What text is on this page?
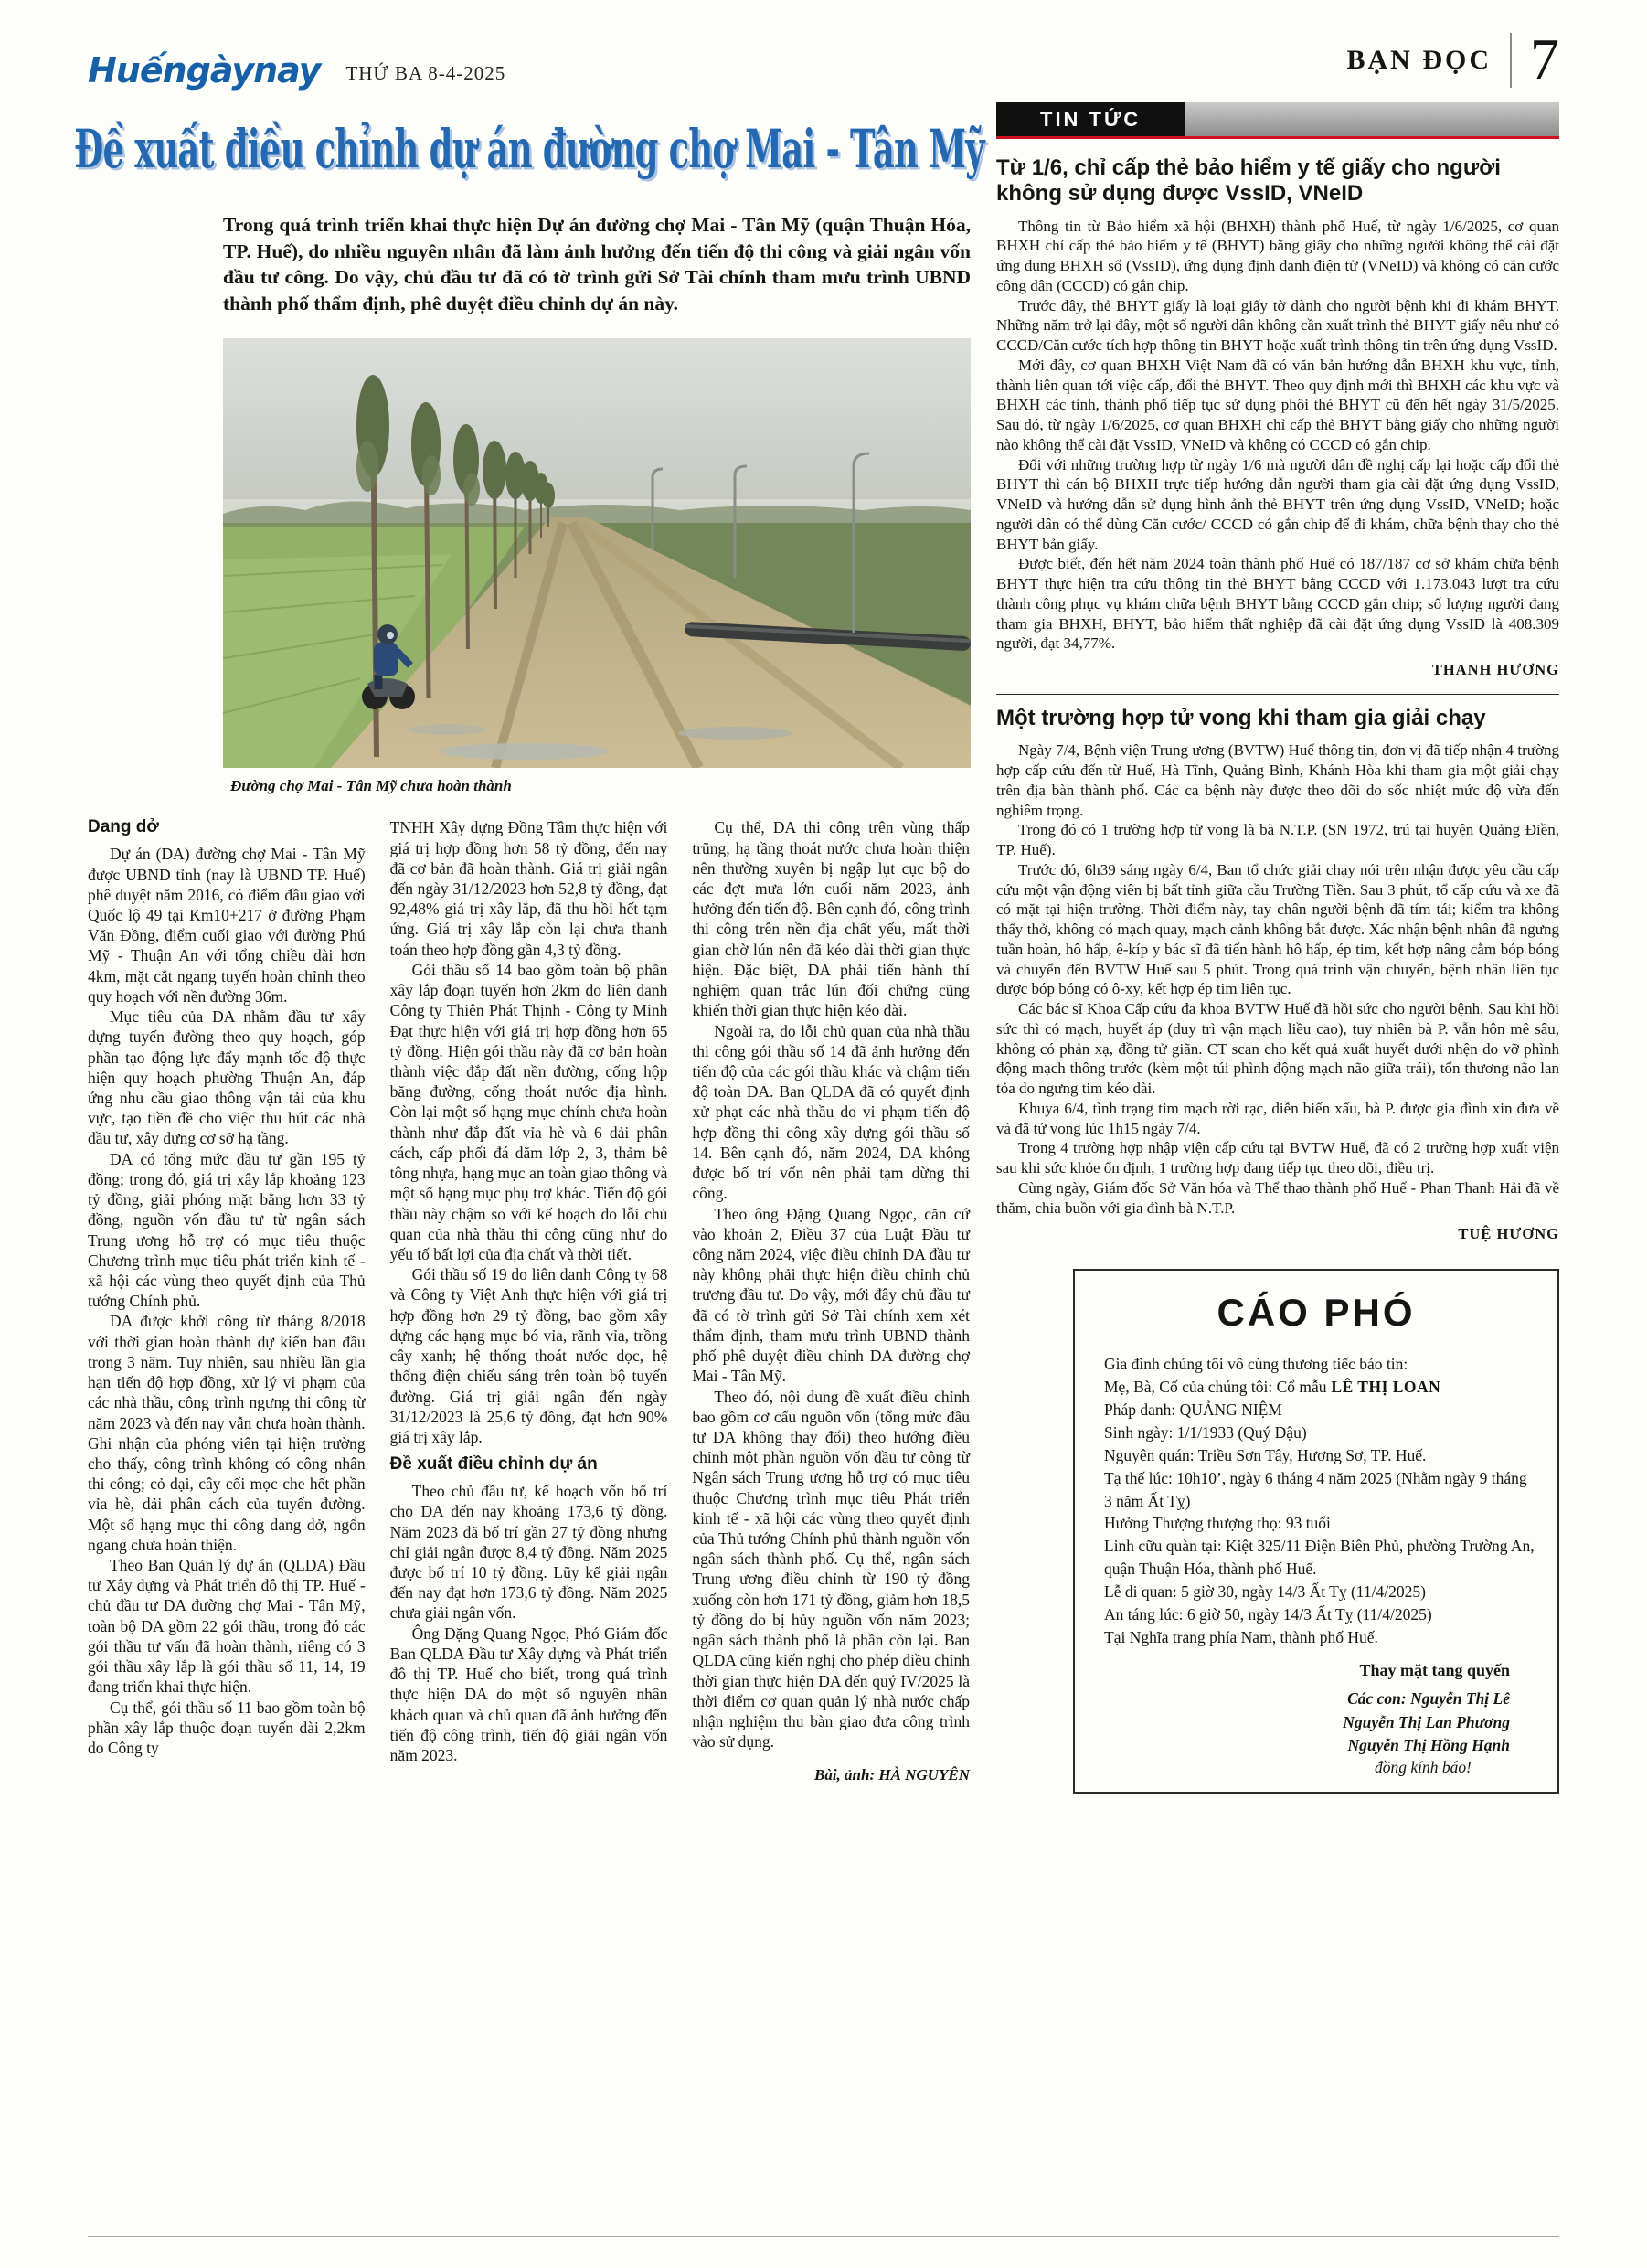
Huếngàynay THỨ BA 8-4-2025	BẠN ĐỌC 7
Đề xuất điều chỉnh dự án đường chợ Mai - Tân Mỹ

Trong quá trình triển khai thực hiện Dự án đường chợ Mai - Tân Mỹ (quận Thuận Hóa, TP. Huế), do nhiều nguyên nhân đã làm ảnh hưởng đến tiến độ thi công và giải ngân vốn đầu tư công. Do vậy, chủ đầu tư đã có tờ trình gửi Sở Tài chính tham mưu trình UBND thành phố thẩm định, phê duyệt điều chỉnh dự án này.

Đường chợ Mai - Tân Mỹ chưa hoàn thành
Dang dở

Dự án (DA) đường chợ Mai - Tân Mỹ được UBND tỉnh (nay là UBND TP. Huế) phê duyệt năm 2016, có điểm đầu giao với Quốc lộ 49 tại Km10+217 ở đường Phạm Văn Đồng, điểm cuối giao với đường Phú Mỹ - Thuận An với tổng chiều dài hơn 4km, mặt cắt ngang tuyến hoàn chỉnh theo quy hoạch với nền đường 36m.

Mục tiêu của DA nhằm đầu tư xây dựng tuyến đường theo quy hoạch, góp phần tạo động lực đẩy mạnh tốc độ thực hiện quy hoạch phường Thuận An, đáp ứng nhu cầu giao thông vận tải của khu vực, tạo tiền đề cho việc thu hút các nhà đầu tư, xây dựng cơ sở hạ tầng.

DA có tổng mức đầu tư gần 195 tỷ đồng; trong đó, giá trị xây lắp khoảng 123 tỷ đồng, giải phóng mặt bằng hơn 33 tỷ đồng, nguồn vốn đầu tư từ ngân sách Trung ương hỗ trợ có mục tiêu thuộc Chương trình mục tiêu phát triển kinh tế - xã hội các vùng theo quyết định của Thủ tướng Chính phủ.

DA được khởi công từ tháng 8/2018 với thời gian hoàn thành dự kiến ban đầu trong 3 năm. Tuy nhiên, sau nhiều lần gia hạn tiến độ hợp đồng, xử lý vi phạm của các nhà thầu, công trình ngưng thi công từ năm 2023 và đến nay vẫn chưa hoàn thành. Ghi nhận của phóng viên tại hiện trường cho thấy, công trình không có công nhân thi công; cỏ dại, cây cối mọc che hết phần vỉa hè, dải phân cách của tuyến đường. Một số hạng mục thi công dang dở, ngổn ngang chưa hoàn thiện.

Theo Ban Quản lý dự án (QLDA) Đầu tư Xây dựng và Phát triển đô thị TP. Huế - chủ đầu tư DA đường chợ Mai - Tân Mỹ, toàn bộ DA gồm 22 gói thầu, trong đó các gói thầu tư vấn đã hoàn thành, riêng có 3 gói thầu xây lắp là gói thầu số 11, 14, 19 đang triển khai thực hiện.

Cụ thể, gói thầu số 11 bao gồm toàn bộ phần xây lắp thuộc đoạn tuyến dài 2,2km do Công ty

TNHH Xây dựng Đồng Tâm thực hiện với giá trị hợp đồng hơn 58 tỷ đồng, đến nay đã cơ bản đã hoàn thành. Giá trị giải ngân đến ngày 31/12/2023 hơn 52,8 tỷ đồng, đạt 92,48% giá trị xây lắp, đã thu hồi hết tạm ứng. Giá trị xây lắp còn lại chưa thanh toán theo hợp đồng gần 4,3 tỷ đồng.

Gói thầu số 14 bao gồm toàn bộ phần xây lắp đoạn tuyến hơn 2km do liên danh Công ty Thiên Phát Thịnh - Công ty Minh Đạt thực hiện với giá trị hợp đồng hơn 65 tỷ đồng. Hiện gói thầu này đã cơ bản hoàn thành việc đắp đất nền đường, cống hộp băng đường, cống thoát nước địa hình. Còn lại một số hạng mục chính chưa hoàn thành như đắp đất vỉa hè và 6 dải phân cách, cấp phối đá dăm lớp 2, 3, thảm bê tông nhựa, hạng mục an toàn giao thông và một số hạng mục phụ trợ khác. Tiến độ gói thầu này chậm so với kế hoạch do lỗi chủ quan của nhà thầu thi công cũng như do yếu tố bất lợi của địa chất và thời tiết.

Gói thầu số 19 do liên danh Công ty 68 và Công ty Việt Anh thực hiện với giá trị hợp đồng hơn 29 tỷ đồng, bao gồm xây dựng các hạng mục bó vỉa, rãnh vỉa, trồng cây xanh; hệ thống thoát nước dọc, hệ thống điện chiếu sáng trên toàn bộ tuyến đường. Giá trị giải ngân đến ngày 31/12/2023 là 25,6 tỷ đồng, đạt hơn 90% giá trị xây lắp.

Đề xuất điều chỉnh dự án

Theo chủ đầu tư, kế hoạch vốn bố trí cho DA đến nay khoảng 173,6 tỷ đồng. Năm 2023 đã bố trí gần 27 tỷ đồng nhưng chỉ giải ngân được 8,4 tỷ đồng. Năm 2025 được bố trí 10 tỷ đồng. Lũy kế giải ngân đến nay đạt hơn 173,6 tỷ đồng. Năm 2025 chưa giải ngân vốn.

Ông Đặng Quang Ngọc, Phó Giám đốc Ban QLDA Đầu tư Xây dựng và Phát triển đô thị TP. Huế cho biết, trong quá trình thực hiện DA do một số nguyên nhân khách quan và chủ quan đã ảnh hưởng đến tiến độ công trình, tiến độ giải ngân vốn năm 2023.

Cụ thể, DA thi công trên vùng thấp trũng, hạ tầng thoát nước chưa hoàn thiện nên thường xuyên bị ngập lụt cục bộ do các đợt mưa lớn cuối năm 2023, ảnh hưởng đến tiến độ. Bên cạnh đó, công trình thi công trên nền địa chất yếu, mất thời gian chờ lún nên đã kéo dài thời gian thực hiện. Đặc biệt, DA phải tiến hành thí nghiệm quan trắc lún đối chứng cũng khiến thời gian thực hiện kéo dài.

Ngoài ra, do lỗi chủ quan của nhà thầu thi công gói thầu số 14 đã ảnh hưởng đến tiến độ của các gói thầu khác và chậm tiến độ toàn DA. Ban QLDA đã có quyết định xử phạt các nhà thầu do vi phạm tiến độ hợp đồng thi công xây dựng gói thầu số 14. Bên cạnh đó, năm 2024, DA không được bố trí vốn nên phải tạm dừng thi công.

Theo ông Đặng Quang Ngọc, căn cứ vào khoản 2, Điều 37 của Luật Đầu tư công năm 2024, việc điều chỉnh DA đầu tư này không phải thực hiện điều chỉnh chủ trương đầu tư. Do vậy, mới đây chủ đầu tư đã có tờ trình gửi Sở Tài chính xem xét thẩm định, tham mưu trình UBND thành phố phê duyệt điều chỉnh DA đường chợ Mai - Tân Mỹ.

Theo đó, nội dung đề xuất điều chỉnh bao gồm cơ cấu nguồn vốn (tổng mức đầu tư DA không thay đổi) theo hướng điều chỉnh một phần nguồn vốn đầu tư công từ Ngân sách Trung ương hỗ trợ có mục tiêu thuộc Chương trình mục tiêu Phát triển kinh tế - xã hội các vùng theo quyết định của Thủ tướng Chính phủ thành nguồn vốn ngân sách thành phố. Cụ thể, ngân sách Trung ương điều chỉnh từ 190 tỷ đồng xuống còn hơn 171 tỷ đồng, giảm hơn 18,5 tỷ đồng do bị hủy nguồn vốn năm 2023; ngân sách thành phố là phần còn lại. Ban QLDA cũng kiến nghị cho phép điều chỉnh thời gian thực hiện DA đến quý IV/2025 là thời điểm cơ quan quản lý nhà nước chấp nhận nghiệm thu bàn giao đưa công trình vào sử dụng.

Bài, ảnh: HÀ NGUYÊN

TIN TỨC
Từ 1/6, chỉ cấp thẻ bảo hiểm y tế giấy cho người không sử dụng được VssID, VNeID

Thông tin từ Bảo hiểm xã hội (BHXH) thành phố Huế, từ ngày 1/6/2025, cơ quan BHXH chỉ cấp thẻ bảo hiểm y tế (BHYT) bằng giấy cho những người không thể cài đặt ứng dụng BHXH số (VssID), ứng dụng định danh điện tử (VNeID) và không có căn cước công dân (CCCD) có gắn chip.

Trước đây, thẻ BHYT giấy là loại giấy tờ dành cho người bệnh khi đi khám BHYT. Những năm trở lại đây, một số người dân không cần xuất trình thẻ BHYT giấy nếu như có CCCD/Căn cước tích hợp thông tin BHYT hoặc xuất trình thông tin trên ứng dụng VssID.

Mới đây, cơ quan BHXH Việt Nam đã có văn bản hướng dẫn BHXH khu vực, tỉnh, thành liên quan tới việc cấp, đổi thẻ BHYT. Theo quy định mới thì BHXH các khu vực và BHXH các tỉnh, thành phố tiếp tục sử dụng phôi thẻ BHYT cũ đến hết ngày 31/5/2025. Sau đó, từ ngày 1/6/2025, cơ quan BHXH chỉ cấp thẻ BHYT bằng giấy cho những người nào không thể cài đặt VssID, VNeID và không có CCCD có gắn chip.

Đối với những trường hợp từ ngày 1/6 mà người dân đề nghị cấp lại hoặc cấp đổi thẻ BHYT thì cán bộ BHXH trực tiếp hướng dẫn người tham gia cài đặt ứng dụng VssID, VNeID và hướng dẫn sử dụng hình ảnh thẻ BHYT trên ứng dụng VssID, VNeID; hoặc người dân có thể dùng Căn cước/ CCCD có gắn chip để đi khám, chữa bệnh thay cho thẻ BHYT bản giấy.

Được biết, đến hết năm 2024 toàn thành phố Huế có 187/187 cơ sở khám chữa bệnh BHYT thực hiện tra cứu thông tin thẻ BHYT bằng CCCD với 1.173.043 lượt tra cứu thành công phục vụ khám chữa bệnh BHYT bằng CCCD gắn chip; số lượng người đang tham gia BHXH, BHYT, bảo hiểm thất nghiệp đã cài đặt ứng dụng VssID là 408.309 người, đạt 34,77%.

THANH HƯƠNG

Một trường hợp tử vong khi tham gia giải chạy

Ngày 7/4, Bệnh viện Trung ương (BVTW) Huế thông tin, đơn vị đã tiếp nhận 4 trường hợp cấp cứu đến từ Huế, Hà Tĩnh, Quảng Bình, Khánh Hòa khi tham gia một giải chạy trên địa bàn thành phố. Các ca bệnh này được theo dõi do sốc nhiệt mức độ vừa đến nghiêm trọng.

Trong đó có 1 trường hợp tử vong là bà N.T.P. (SN 1972, trú tại huyện Quảng Điền, TP. Huế).

Trước đó, 6h39 sáng ngày 6/4, Ban tổ chức giải chạy nói trên nhận được yêu cầu cấp cứu một vận động viên bị bất tỉnh giữa cầu Trường Tiền. Sau 3 phút, tổ cấp cứu và xe đã có mặt tại hiện trường. Thời điểm này, tay chân người bệnh đã tím tái; kiểm tra không thấy thở, không có mạch quay, mạch cảnh không bắt được. Xác nhận bệnh nhân đã ngưng tuần hoàn, hô hấp, ê-kíp y bác sĩ đã tiến hành hô hấp, ép tim, kết hợp nâng cằm bóp bóng và chuyển đến BVTW Huế sau 5 phút. Trong quá trình vận chuyển, bệnh nhân liên tục được bóp bóng có ô-xy, kết hợp ép tim liên tục.

Các bác sĩ Khoa Cấp cứu đa khoa BVTW Huế đã hồi sức cho người bệnh. Sau khi hồi sức thì có mạch, huyết áp (duy trì vận mạch liều cao), tuy nhiên bà P. vẫn hôn mê sâu, không có phản xạ, đồng tử giãn. CT scan cho kết quả xuất huyết dưới nhện do vỡ phình động mạch thông trước (kèm một túi phình động mạch não giữa trái), tổn thương não lan tỏa do ngưng tim kéo dài.

Khuya 6/4, tình trạng tim mạch rời rạc, diễn biến xấu, bà P. được gia đình xin đưa về và đã tử vong lúc 1h15 ngày 7/4.

Trong 4 trường hợp nhập viện cấp cứu tại BVTW Huế, đã có 2 trường hợp xuất viện sau khi sức khỏe ổn định, 1 trường hợp đang tiếp tục theo dõi, điều trị.

Cùng ngày, Giám đốc Sở Văn hóa và Thể thao thành phố Huế - Phan Thanh Hải đã về thăm, chia buồn với gia đình bà N.T.P.

TUỆ HƯƠNG

CÁO PHÓ

Gia đình chúng tôi vô cùng thương tiếc báo tin:

Mẹ, Bà, Cố của chúng tôi: Cổ mẫu LÊ THỊ LOAN

Pháp danh: QUẢNG NIỆM

Sinh ngày: 1/1/1933 (Quý Dậu)

Nguyên quán: Triều Sơn Tây, Hương Sơ, TP. Huế.

Tạ thế lúc: 10h10’, ngày 6 tháng 4 năm 2025 (Nhằm ngày 9 tháng 3 năm Ất Tỵ)

Hưởng Thượng thượng thọ: 93 tuổi

Linh cữu quàn tại: Kiệt 325/11 Điện Biên Phủ, phường Trường An, quận Thuận Hóa, thành phố Huế.

Lễ di quan: 5 giờ 30, ngày 14/3 Ất Tỵ (11/4/2025)

An táng lúc: 6 giờ 50, ngày 14/3 Ất Tỵ (11/4/2025)

Tại Nghĩa trang phía Nam, thành phố Huế.

Thay mặt tang quyến

Các con: Nguyễn Thị Lê

Nguyễn Thị Lan Phương

Nguyễn Thị Hồng Hạnh

đồng kính báo!
